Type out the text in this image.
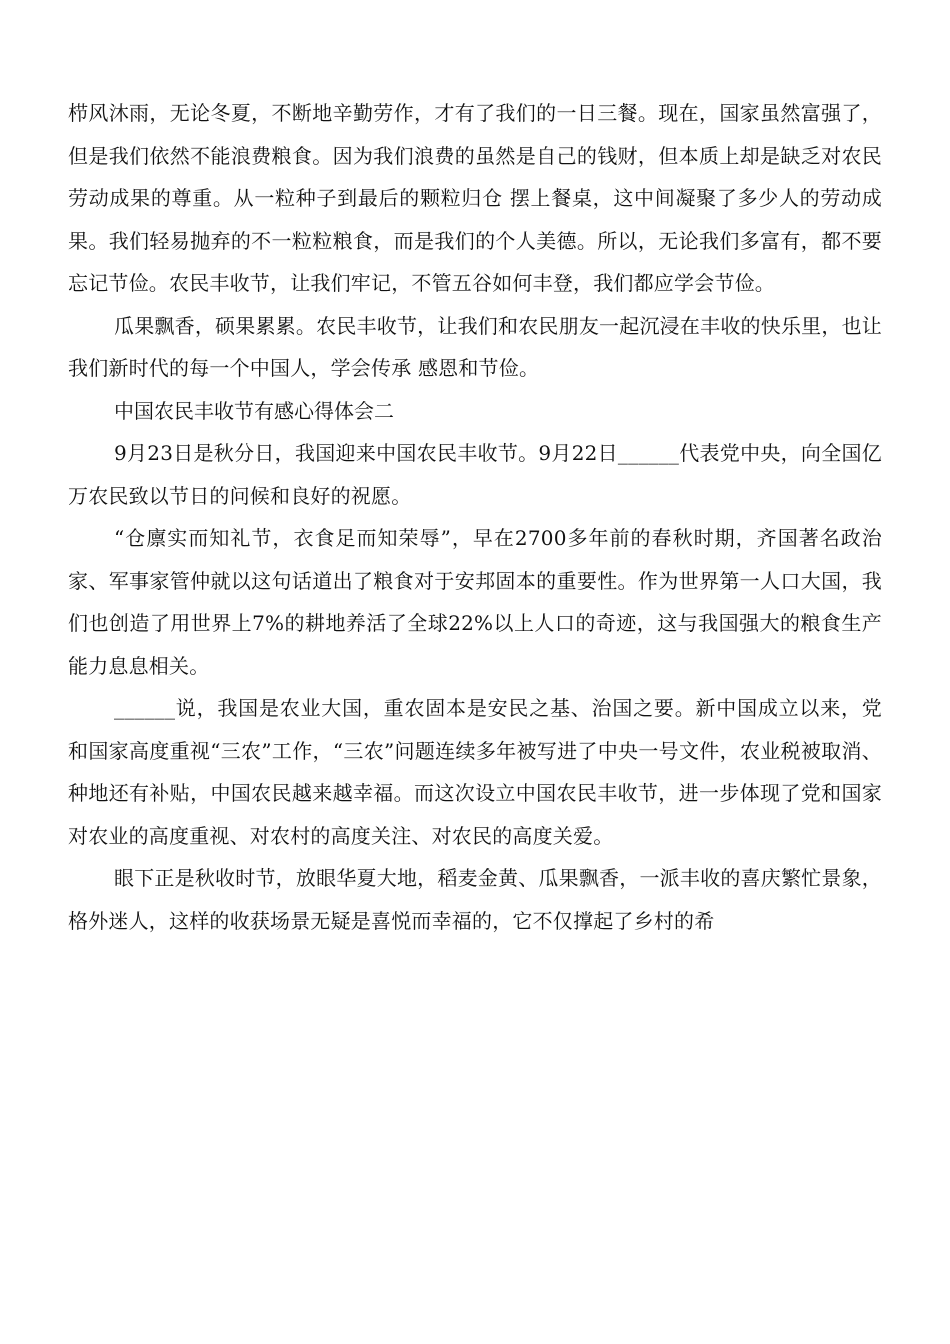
栉风沐雨，无论冬夏，不断地辛勤劳作，才有了我们的一日三餐。现在，国家虽然富强了，但是我们依然不能浪费粮食。因为我们浪费的虽然是自己的钱财，但本质上却是缺乏对农民劳动成果的尊重。从一粒种子到最后的颗粒归仓 摆上餐桌，这中间凝聚了多少人的劳动成果。我们轻易抛弃的不一粒粒粮食，而是我们的个人美德。所以，无论我们多富有，都不要忘记节俭。农民丰收节，让我们牢记，不管五谷如何丰登，我们都应学会节俭。

瓜果飘香，硕果累累。农民丰收节，让我们和农民朋友一起沉浸在丰收的快乐里，也让我们新时代的每一个中国人，学会传承 感恩和节俭。

中国农民丰收节有感心得体会二

9月23日是秋分日，我国迎来中国农民丰收节。9月22日______代表党中央，向全国亿万农民致以节日的问候和良好的祝愿。

“仓廪实而知礼节，衣食足而知荣辱”，早在2700多年前的春秋时期，齐国著名政治家、军事家管仲就以这句话道出了粮食对于安邦固本的重要性。作为世界第一人口大国，我们也创造了用世界上7%的耕地养活了全球22%以上人口的奇迹，这与我国强大的粮食生产能力息息相关。

______说，我国是农业大国，重农固本是安民之基、治国之要。新中国成立以来，党和国家高度重视“三农”工作，“三农”问题连续多年被写进了中央一号文件，农业税被取消、种地还有补贴，中国农民越来越幸福。而这次设立中国农民丰收节，进一步体现了党和国家对农业的高度重视、对农村的高度关注、对农民的高度关爱。

眼下正是秋收时节，放眼华夏大地，稻麦金黄、瓜果飘香，一派丰收的喜庆繁忙景象，格外迷人，这样的收获场景无疑是喜悦而幸福的，它不仅撑起了乡村的希
